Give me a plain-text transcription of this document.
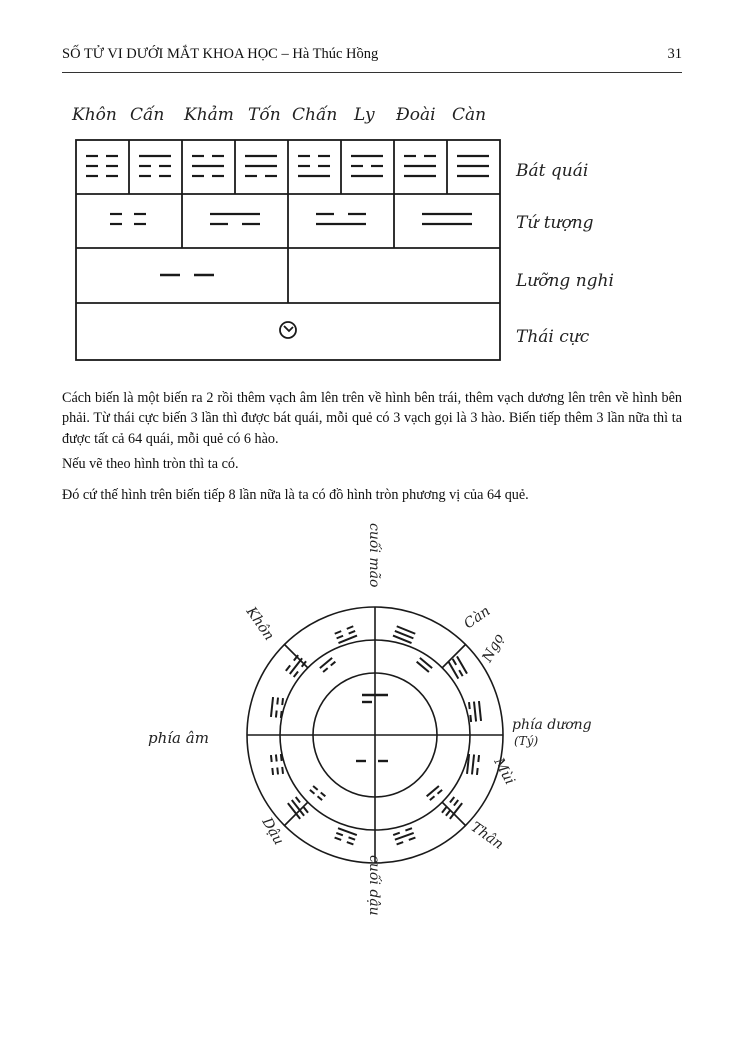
SỐ TỬ VI DƯỚI MẮT KHOA HỌC – Hà Thúc Hồng	31
Khôn Cấn Khảm Tốn Chấn Ly Đoài Càn
Bát quái
Tứ tượng
Lưỡng nghi
Thái cực

Cách biến là một biến ra 2 rồi thêm vạch âm lên trên về hình bên trái, thêm vạch dương lên trên về hình bên phải. Từ thái cực biến 3 lần thì được bát quái, mỗi quẻ có 3 vạch gọi là 3 hào. Biến tiếp thêm 3 lần nữa thì ta được tất cả 64 quái, mỗi quẻ có 6 hào.

Nếu vẽ theo hình tròn thì ta có.

Đó cứ thế hình trên biến tiếp 8 lần nữa là ta có đồ hình tròn phương vị của 64 quẻ.

cuối mão
Khôn	Càn
Ngọ
phía dương
(Tý)
Mùi
Thân
phía âm
Dậu
cuối dậu
